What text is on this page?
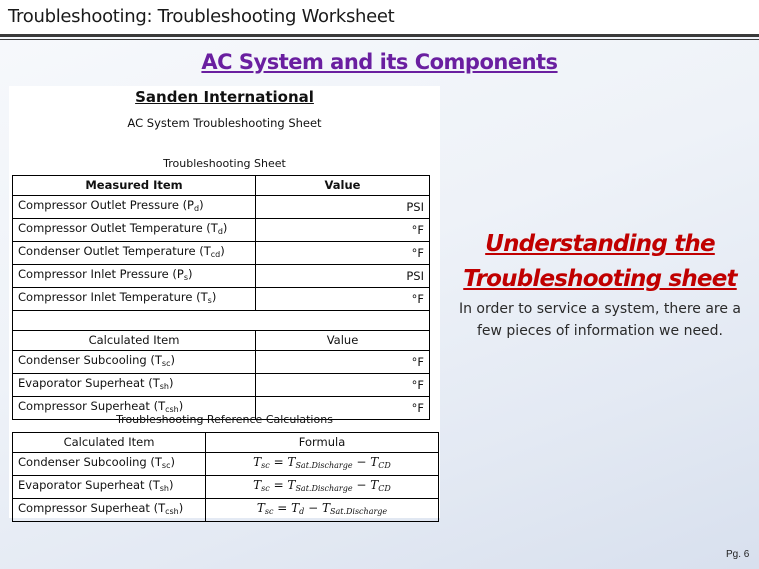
Troubleshooting: Troubleshooting Worksheet
AC System and its Components
Sanden International
AC System Troubleshooting Sheet
Troubleshooting Sheet
Measured Item	Value
Compressor Outlet Pressure $(P_d)$	PSI
Compressor Outlet Temperature $(T_d)$	°F
Condenser Outlet Temperature $(T_{cd})$	°F
Compressor Inlet Pressure $(P_s)$	PSI
Compressor Inlet Temperature $(T_s)$	°F

Calculated Item	Value
Condenser Subcooling $(T_{sc})$	°F
Evaporator Superheat $(T_{sh})$	°F
Compressor Superheat $(T_{csh})$	°F
Troubleshooting Reference Calculations
Calculated Item	Formula
Condenser Subcooling $(T_{sc})$	$T_{sc} = T_{Sat.Discharge} - T_{CD}$
Evaporator Superheat $(T_{sh})$	$T_{sc} = T_{Sat.Discharge} - T_{CD}$
Compressor Superheat $(T_{csh})$	$T_{sc} = T_d - T_{Sat.Discharge}$
Understanding the
Troubleshooting sheet
In order to service a system, there are a few pieces of information we need.
Pg. 6
